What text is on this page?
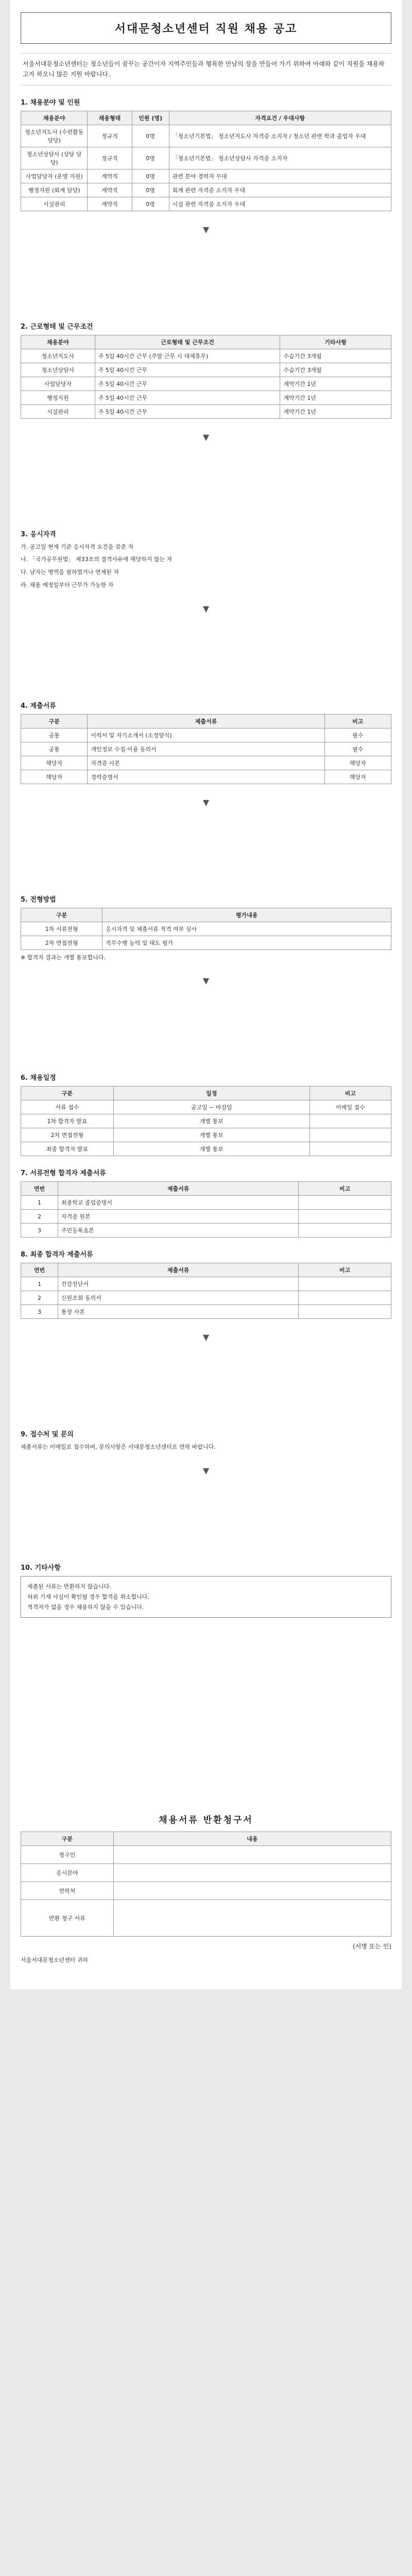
서대문청소년센터 직원 채용 공고
서울서대문청소년센터는 청소년들이 꿈꾸는 공간이자 지역주민들과 행복한 만남의 장을 만들어 가기 위하여 아래와 같이 직원을 채용하고자 하오니 많은 지원 바랍니다.
1. 채용분야 및 인원
채용분야	채용형태	인원 (명)	자격요건 / 우대사항
청소년지도사 (수련활동 담당)	정규직	0명	「청소년기본법」 청소년지도사 자격증 소지자 / 청소년 관련 학과 졸업자 우대
청소년상담사 (상담 담당)	정규직	0명	「청소년기본법」 청소년상담사 자격증 소지자
사업담당자 (운영 지원)	계약직	0명	관련 분야 경력자 우대
행정지원 (회계 담당)	계약직	0명	회계 관련 자격증 소지자 우대
시설관리	계약직	0명	시설 관련 자격증 소지자 우대
▼
2. 근로형태 및 근무조건
채용분야	근로형태 및 근무조건	기타사항
청소년지도사	주 5일 40시간 근무 (주말 근무 시 대체휴무)	수습기간 3개월
청소년상담사	주 5일 40시간 근무	수습기간 3개월
사업담당자	주 5일 40시간 근무	계약기간 1년
행정지원	주 5일 40시간 근무	계약기간 1년
시설관리	주 5일 40시간 근무	계약기간 1년
▼
3. 응시자격
가. 공고일 현재 기준 응시자격 요건을 갖춘 자
나. 「국가공무원법」 제33조의 결격사유에 해당하지 않는 자
다. 남자는 병역을 필하였거나 면제된 자
라. 채용 예정일부터 근무가 가능한 자
▼
4. 제출서류
구분	제출서류	비고
공통	이력서 및 자기소개서 (소정양식)	필수
공통	개인정보 수집·이용 동의서	필수
해당자	자격증 사본	해당자
해당자	경력증명서	해당자
▼
5. 전형방법
구분	평가내용
1차 서류전형	응시자격 및 제출서류 적격 여부 심사
2차 면접전형	직무수행 능력 및 태도 평가
※ 합격자 결과는 개별 통보합니다.
▼
6. 채용일정
구분	일정	비고
서류 접수	공고일 ~ 마감일	이메일 접수
1차 합격자 발표	개별 통보	
2차 면접전형	개별 통보	
최종 합격자 발표	개별 통보	
7. 서류전형 합격자 제출서류
연번	제출서류	비고
1	최종학교 졸업증명서	
2	자격증 원본	
3	주민등록초본	
8. 최종 합격자 제출서류
연번	제출서류	비고
1	건강진단서	
2	신원조회 동의서	
3	통장 사본	
▼
9. 접수처 및 문의
제출서류는 이메일로 접수하며, 문의사항은 서대문청소년센터로 연락 바랍니다.
▼
10. 기타사항
제출된 서류는 반환하지 않습니다.
허위 기재 사실이 확인될 경우 합격을 취소합니다.
적격자가 없을 경우 채용하지 않을 수 있습니다.
채용서류 반환청구서
구분	내용
청구인	
응시분야	
연락처	
반환 청구 서류	
(서명 또는 인)
서울서대문청소년센터 귀하
